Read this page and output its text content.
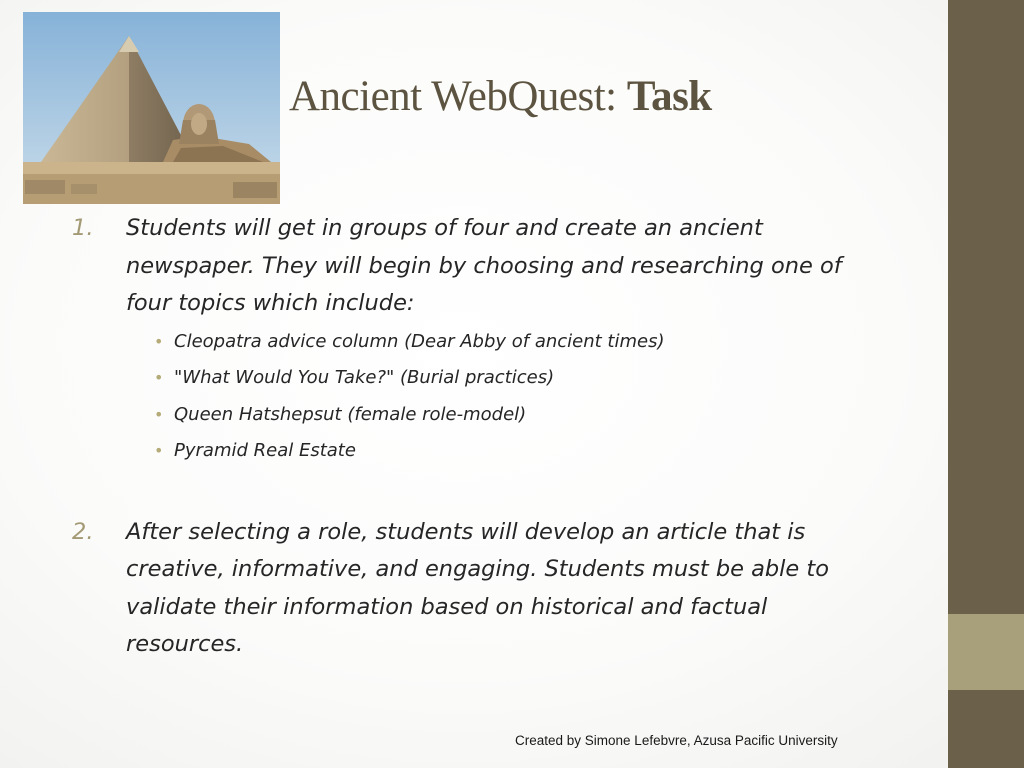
Ancient WebQuest: Task
1. Students will get in groups of four and create an ancient newspaper. They will begin by choosing and researching one of four topics which include:
• Cleopatra advice column (Dear Abby of ancient times)
• "What Would You Take?" (Burial practices)
• Queen Hatshepsut (female role-model)
• Pyramid Real Estate
2. After selecting a role, students will develop an article that is creative, informative, and engaging. Students must be able to validate their information based on historical and factual resources.
Created by Simone Lefebvre, Azusa Pacific University
